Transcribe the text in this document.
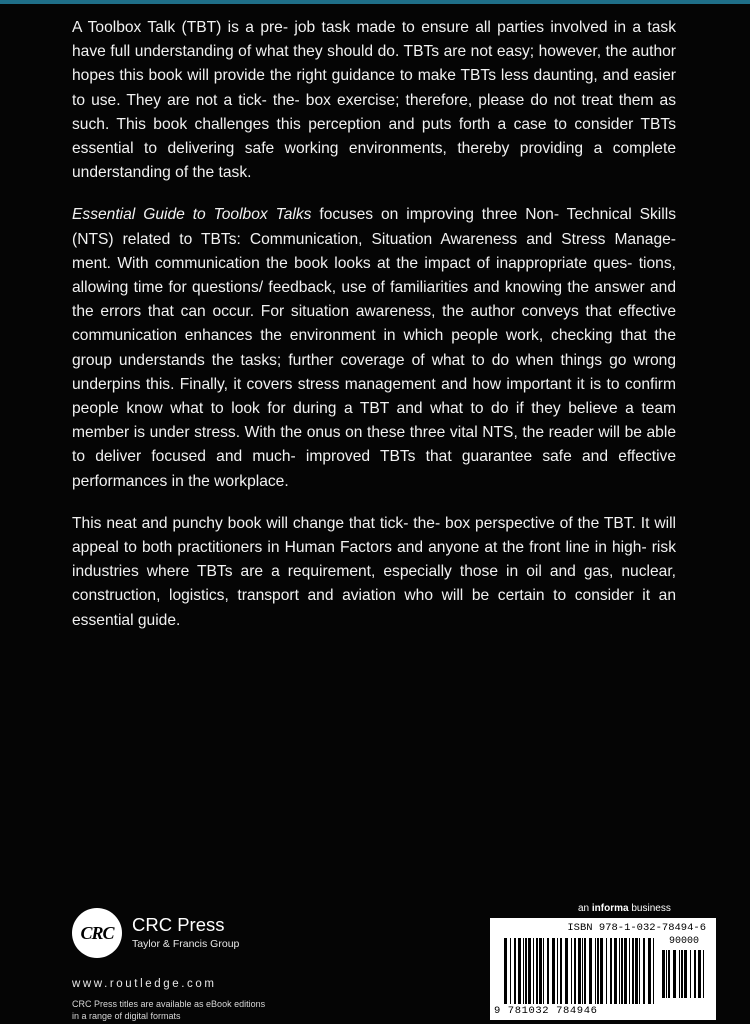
A Toolbox Talk (TBT) is a pre- job task made to ensure all parties involved in a task have full understanding of what they should do. TBTs are not easy; however, the author hopes this book will provide the right guidance to make TBTs less daunting, and easier to use. They are not a tick- the- box exercise; therefore, please do not treat them as such. This book challenges this perception and puts forth a case to consider TBTs essential to delivering safe working environments, thereby providing a complete understanding of the task.

Essential Guide to Toolbox Talks focuses on improving three Non- Technical Skills (NTS) related to TBTs: Communication, Situation Awareness and Stress Manage- ment. With communication the book looks at the impact of inappropriate ques- tions, allowing time for questions/ feedback, use of familiarities and knowing the answer and the errors that can occur. For situation awareness, the author conveys that effective communication enhances the environment in which people work, checking that the group understands the tasks; further coverage of what to do when things go wrong underpins this. Finally, it covers stress management and how important it is to confirm people know what to look for during a TBT and what to do if they believe a team member is under stress. With the onus on these three vital NTS, the reader will be able to deliver focused and much- improved TBTs that guarantee safe and effective performances in the workplace.

This neat and punchy book will change that tick- the- box perspective of the TBT. It will appeal to both practitioners in Human Factors and anyone at the front line in high- risk industries where TBTs are a requirement, especially those in oil and gas, nuclear, construction, logistics, transport and aviation who will be certain to consider it an essential guide.

CRC CRC Press
Taylor & Francis Group
www.routledge.com
CRC Press titles are available as eBook editions in a range of digital formats
an informa business
ISBN 978-1-032-78494-6
90000
9 781032 784946
